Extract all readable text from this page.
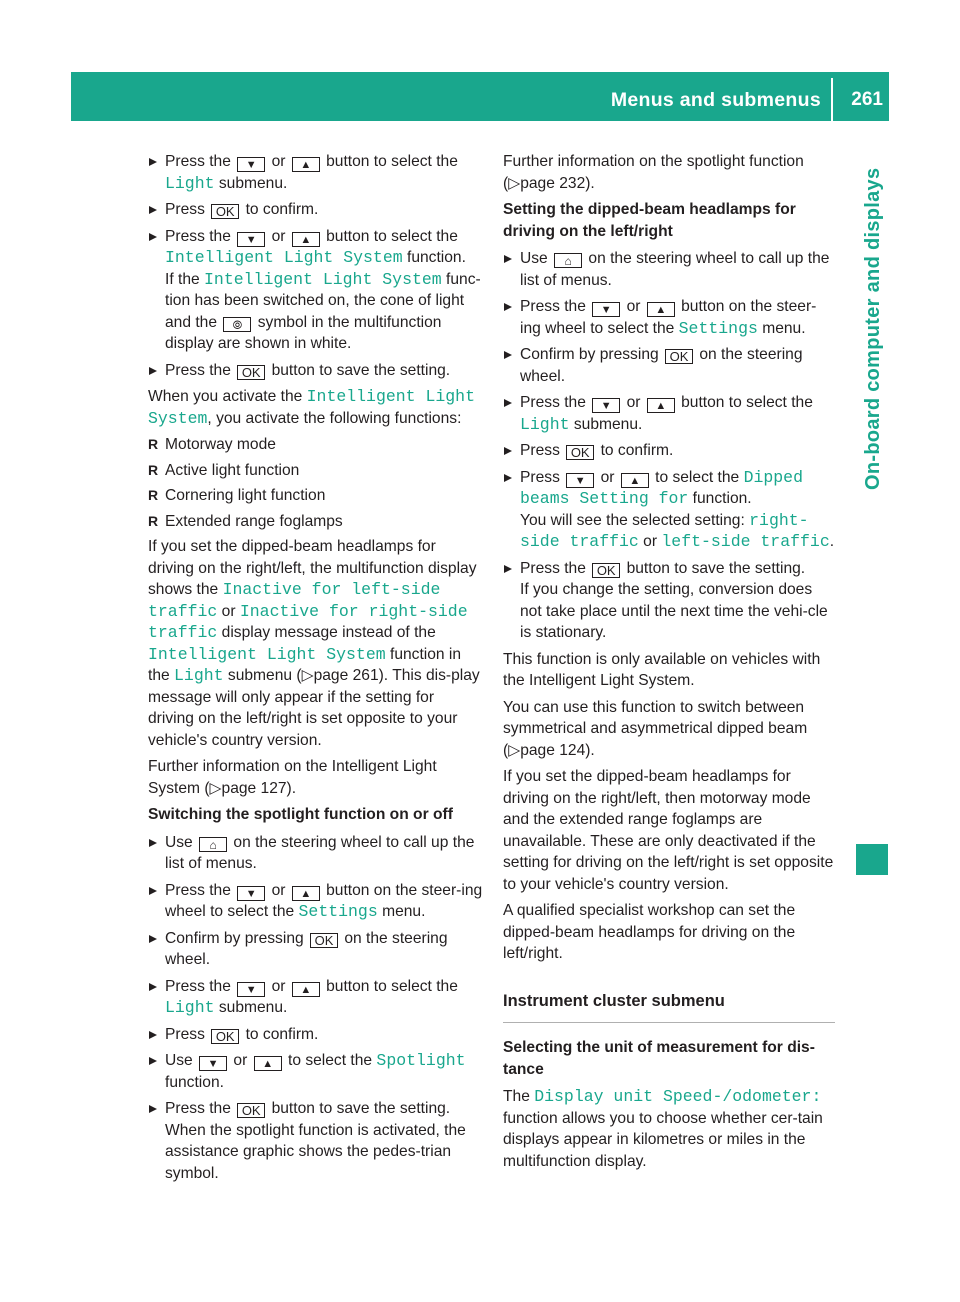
Menus and submenus 261
On-board computer and displays
Press the ▼ or ▲ button to select the Light submenu.
Press OK to confirm.
Press the ▼ or ▲ button to select the Intelligent Light System function.
If the Intelligent Light System func-tion has been switched on, the cone of light and the ⦾ symbol in the multifunction display are shown in white.
Press the OK button to save the setting.

When you activate the Intelligent Light System, you activate the following functions:

R Motorway mode
R Active light function
R Cornering light function
R Extended range foglamps

If you set the dipped-beam headlamps for driving on the right/left, the multifunction display shows the Inactive for left-side traffic or Inactive for right-side traffic display message instead of the Intelligent Light System function in the Light submenu (▷page 261). This dis-play message will only appear if the setting for driving on the left/right is set opposite to your vehicle's country version.

Further information on the Intelligent Light System (▷page 127).

Switching the spotlight function on or off
Use ⌂ on the steering wheel to call up the list of menus.
Press the ▼ or ▲ button on the steer-ing wheel to select the Settings menu.
Confirm by pressing OK on the steering wheel.
Press the ▼ or ▲ button to select the Light submenu.
Press OK to confirm.
Use ▼ or ▲ to select the Spotlight function.
Press the OK button to save the setting.
When the spotlight function is activated, the assistance graphic shows the pedes-trian symbol.

Further information on the spotlight function (▷page 232).

Setting the dipped-beam headlamps for driving on the left/right
Use ⌂ on the steering wheel to call up the list of menus.
Press the ▼ or ▲ button on the steer-ing wheel to select the Settings menu.
Confirm by pressing OK on the steering wheel.
Press the ▼ or ▲ button to select the Light submenu.
Press OK to confirm.
Press ▼ or ▲ to select the Dipped beams Setting for function.
You will see the selected setting: right-side traffic or left-side traffic.
Press the OK button to save the setting.
If you change the setting, conversion does not take place until the next time the vehi-cle is stationary.

This function is only available on vehicles with the Intelligent Light System.

You can use this function to switch between symmetrical and asymmetrical dipped beam (▷page 124).

If you set the dipped-beam headlamps for driving on the right/left, then motorway mode and the extended range foglamps are unavailable. These are only deactivated if the setting for driving on the left/right is set opposite to your vehicle's country version.

A qualified specialist workshop can set the dipped-beam headlamps for driving on the left/right.

Instrument cluster submenu
Selecting the unit of measurement for dis-tance

The Display unit Speed-/odometer:
function allows you to choose whether cer-tain displays appear in kilometres or miles in the multifunction display.
